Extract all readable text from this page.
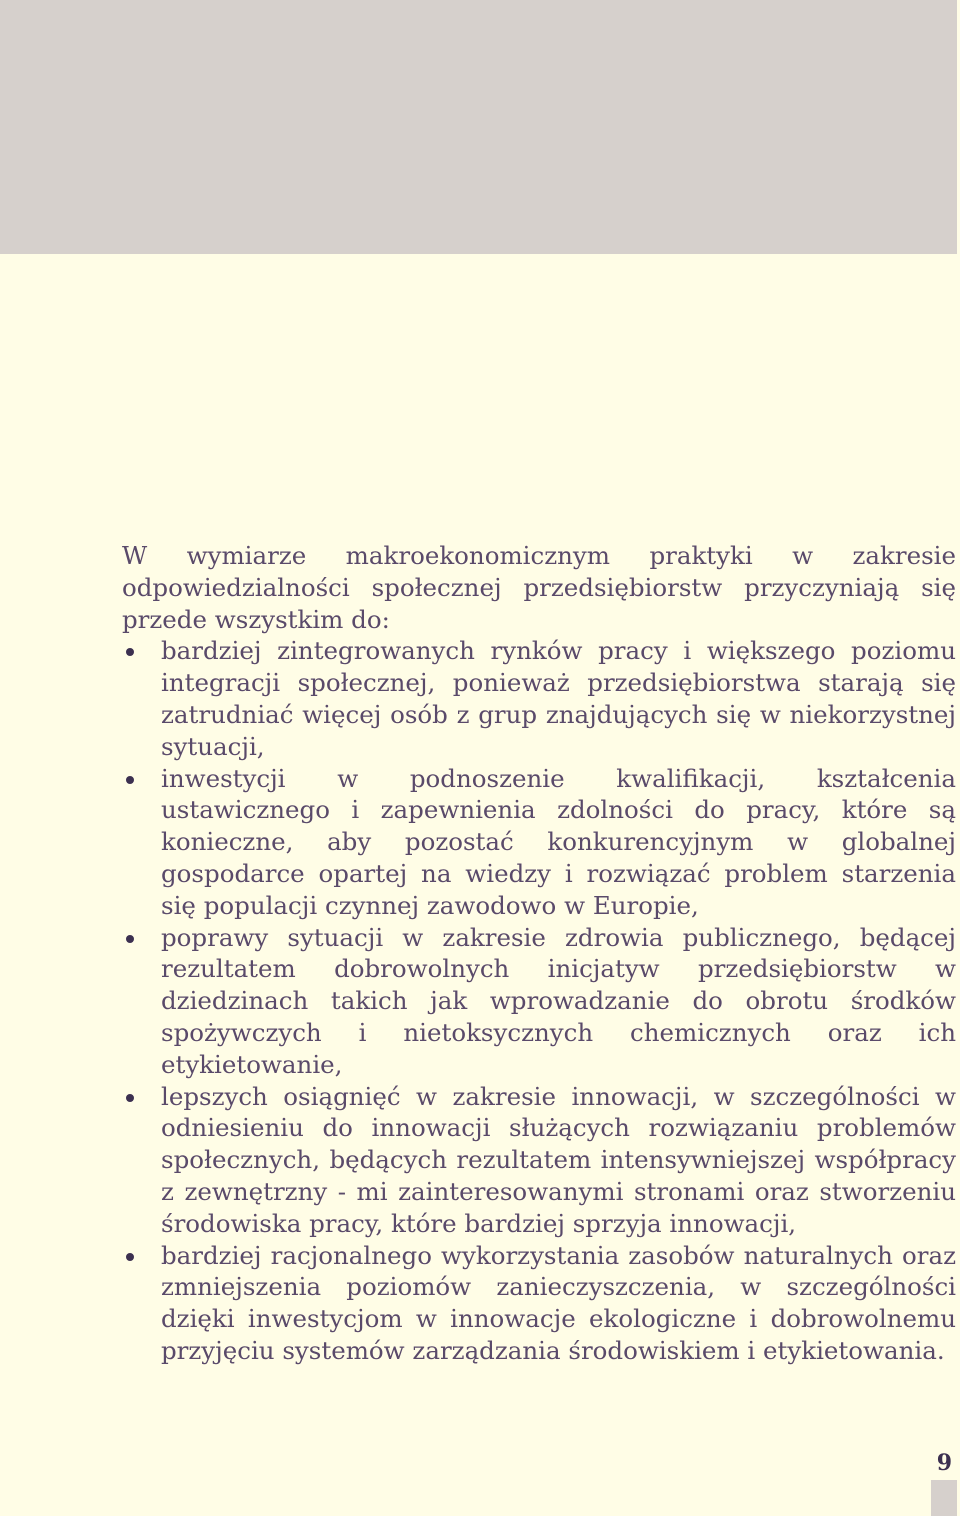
W wymiarze makroekonomicznym praktyki w zakresie odpowiedzialności społecznej przedsiębiorstw przyczyniają się przede wszystkim do:

bardziej zintegrowanych rynków pracy i większego poziomu integracji społecznej, ponieważ przedsiębiorstwa starają się zatrudniać więcej osób z grup znajdujących się w niekorzystnej sytuacji,
inwestycji w podnoszenie kwalifikacji, kształcenia ustawicznego i zapewnienia zdolności do pracy, które są konieczne, aby pozostać konkurencyjnym w globalnej gospodarce opartej na wiedzy i rozwiązać problem starzenia się populacji czynnej zawodowo w Europie,
poprawy sytuacji w zakresie zdrowia publicznego, będącej rezultatem dobrowolnych inicjatyw przedsiębiorstw w dziedzinach takich jak wprowadzanie do obrotu środków spożywczych i nietoksycznych chemicznych oraz ich etykietowanie,
lepszych osiągnięć w zakresie innowacji, w szczególności w odniesieniu do innowacji służących rozwiązaniu problemów społecznych, będących rezultatem intensywniejszej współpracy z zewnętrzny - mi zainteresowanymi stronami oraz stworzeniu środowiska pracy, które bardziej sprzyja innowacji,
bardziej racjonalnego wykorzystania zasobów naturalnych oraz zmniejszenia poziomów zanieczyszczenia, w szczególności dzięki inwestycjom w innowacje ekologiczne i dobrowolnemu przyjęciu systemów zarządzania środowiskiem i etykietowania.
9
